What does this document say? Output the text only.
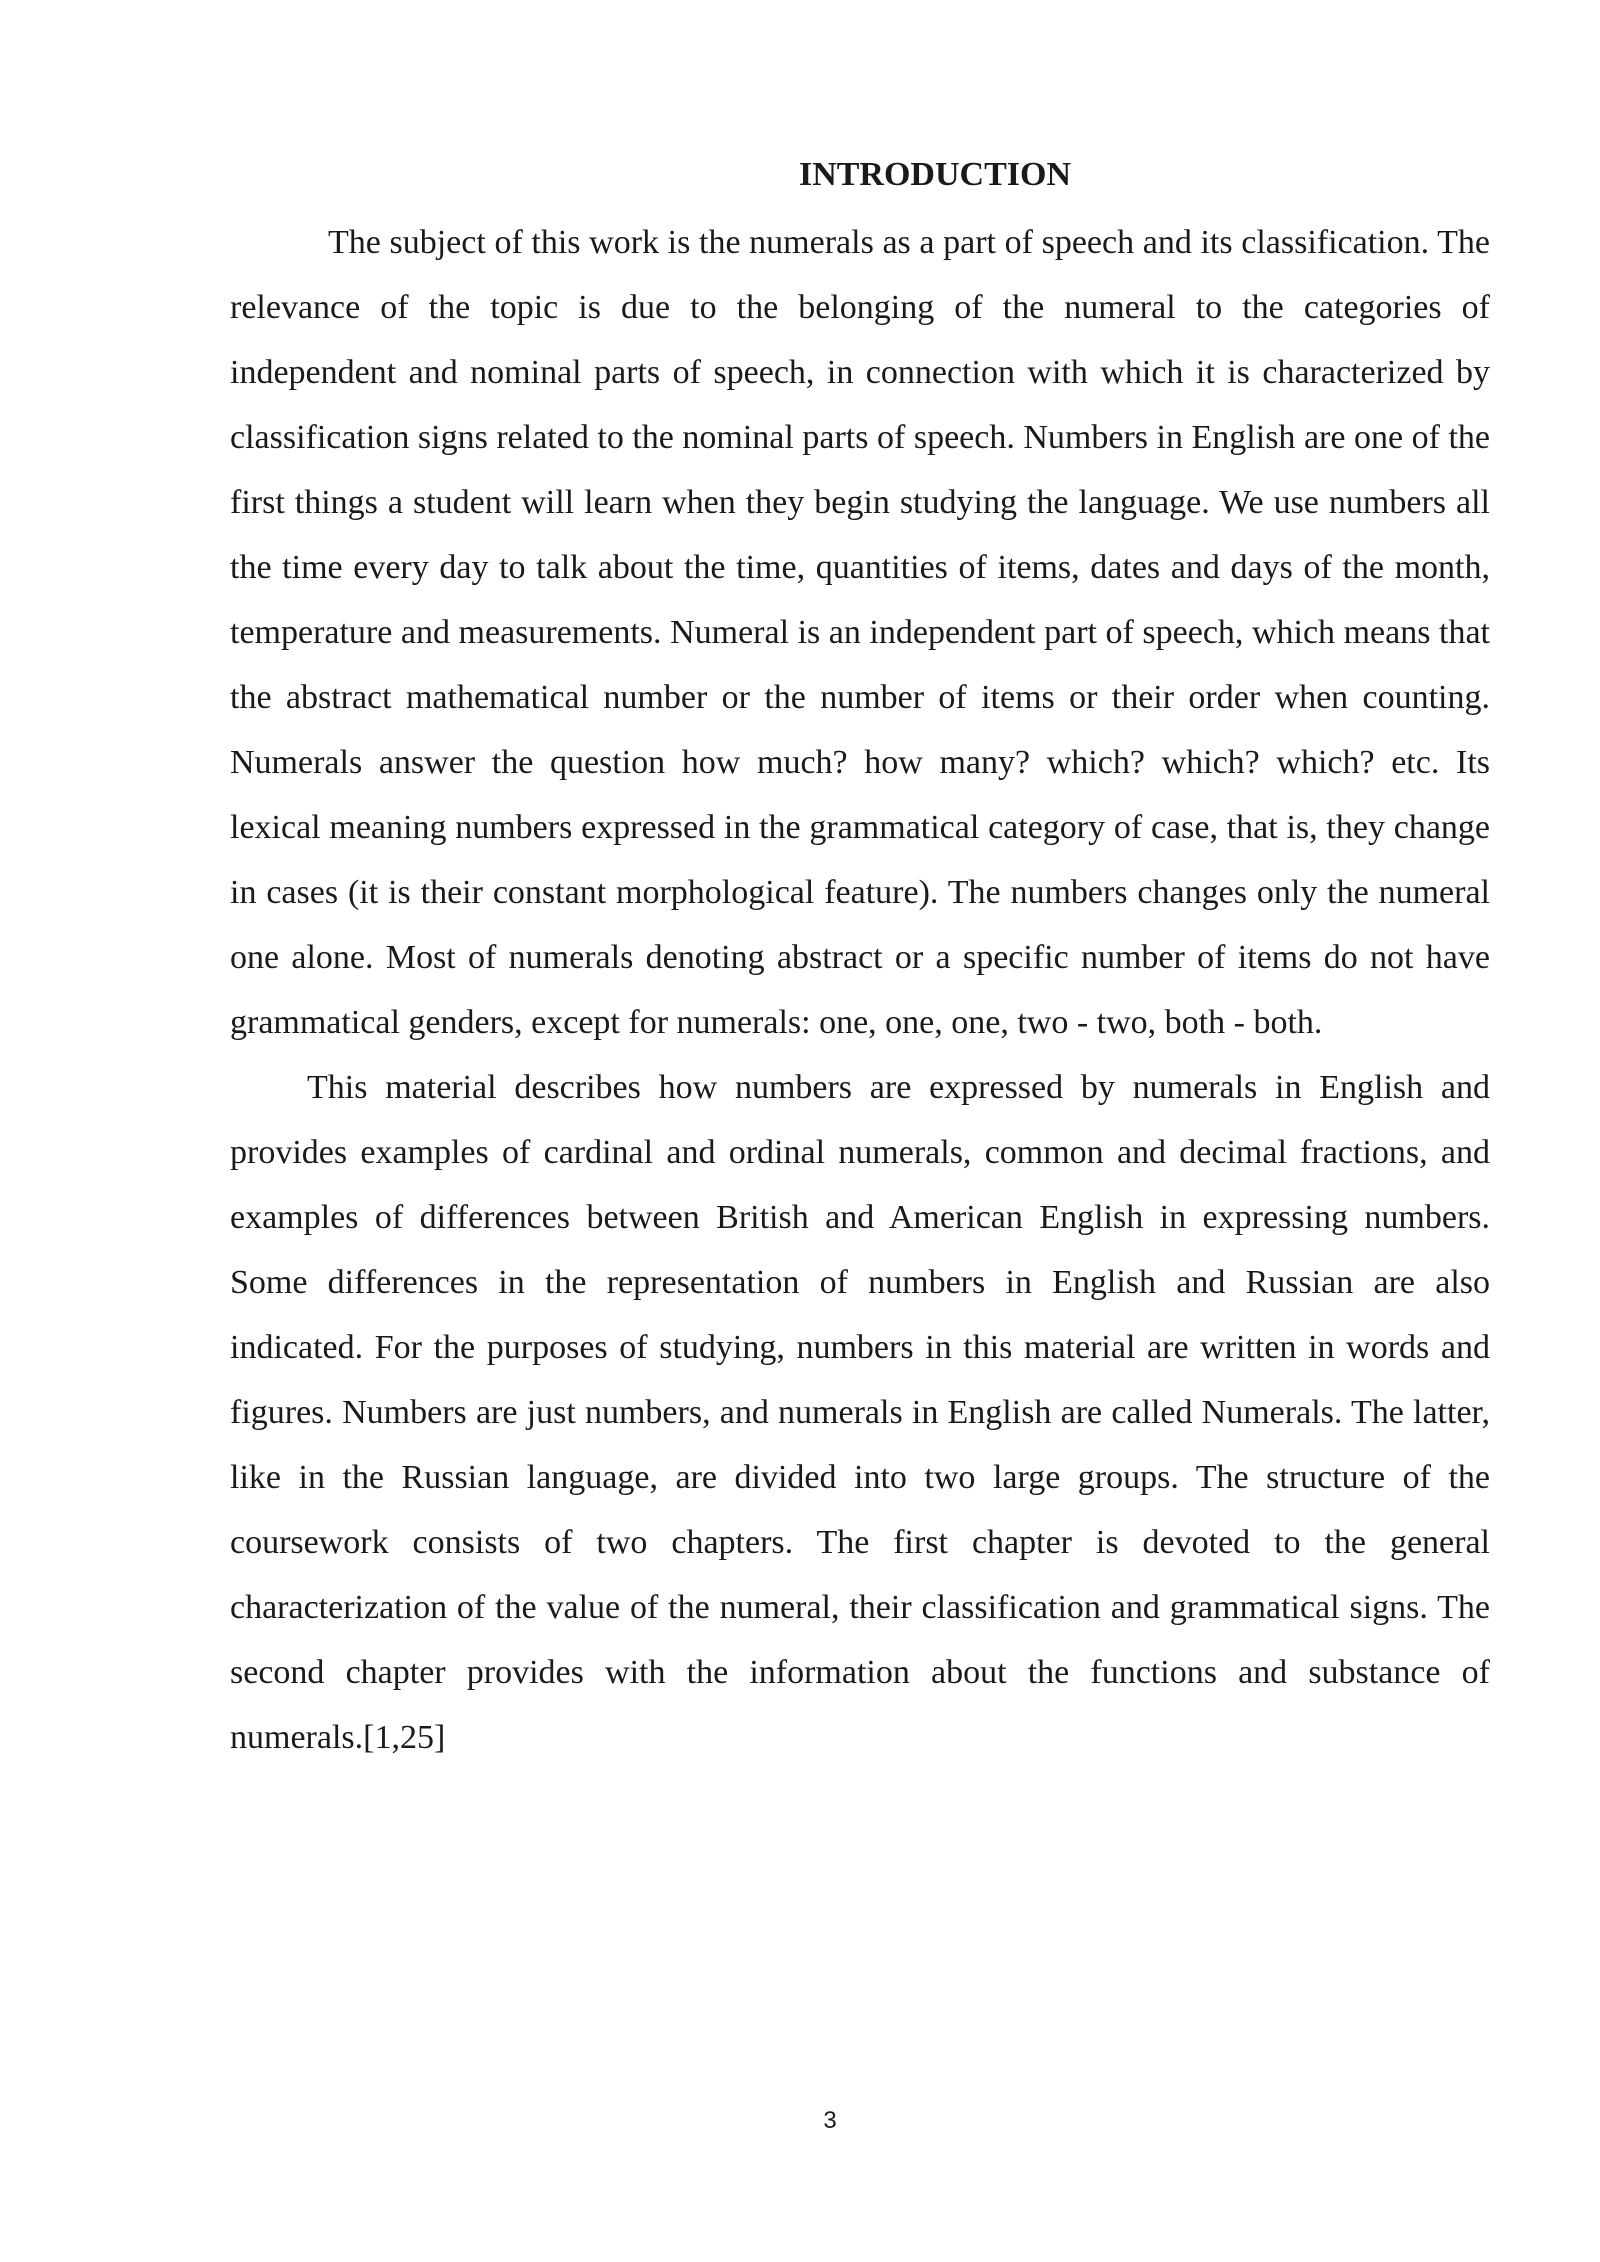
INTRODUCTION

The subject of this work is the numerals as a part of speech and its classification. The relevance of the topic is due to the belonging of the numeral to the categories of independent and nominal parts of speech, in connection with which it is characterized by classification signs related to the nominal parts of speech. Numbers in English are one of the first things a student will learn when they begin studying the language. We use numbers all the time every day to talk about the time, quantities of items, dates and days of the month, temperature and measurements. Numeral is an independent part of speech, which means that the abstract mathematical number or the number of items or their order when counting. Numerals answer the question how much? how many? which? which? which? etc. Its lexical meaning numbers expressed in the grammatical category of case, that is, they change in cases (it is their constant morphological feature). The numbers changes only the numeral one alone. Most of numerals denoting abstract or a specific number of items do not have grammatical genders, except for numerals: one, one, one, two - two, both - both.

This material describes how numbers are expressed by numerals in English and provides examples of cardinal and ordinal numerals, common and decimal fractions, and examples of differences between British and American English in expressing numbers. Some differences in the representation of numbers in English and Russian are also indicated. For the purposes of studying, numbers in this material are written in words and figures. Numbers are just numbers, and numerals in English are called Numerals. The latter, like in the Russian language, are divided into two large groups. The structure of the coursework consists of two chapters. The first chapter is devoted to the general characterization of the value of the numeral, their classification and grammatical signs. The second chapter provides with the information about the functions and substance of numerals.[1,25]

3
